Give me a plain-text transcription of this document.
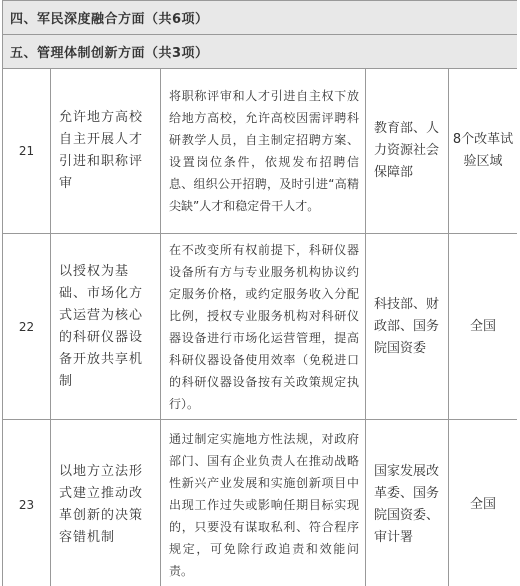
四、军民深度融合方面（共6项）				
五、管理体制创新方面（共3项）				
21	允许地方高校自主开展人才引进和职称评审	将职称评审和人才引进自主权下放给地方高校，允许高校因需评聘科研教学人员，自主制定招聘方案、设置岗位条件，依规发布招聘信息、组织公开招聘，及时引进“高精尖缺”人才和稳定骨干人才。	教育部、人力资源社会保障部	8个改革试验区域
22	以授权为基础、市场化方式运营为核心的科研仪器设备开放共享机制	在不改变所有权前提下，科研仪器设备所有方与专业服务机构协议约定服务价格，或约定服务收入分配比例，授权专业服务机构对科研仪器设备进行市场化运营管理，提高科研仪器设备使用效率（免税进口的科研仪器设备按有关政策规定执行）。	科技部、财政部、国务院国资委	全国
23	以地方立法形式建立推动改革创新的决策容错机制	通过制定实施地方性法规，对政府部门、国有企业负责人在推动战略性新兴产业发展和实施创新项目中出现工作过失或影响任期目标实现的，只要没有谋取私利、符合程序规定，可免除行政追责和效能问责。	国家发展改革委、国务院国资委、审计署	全国
